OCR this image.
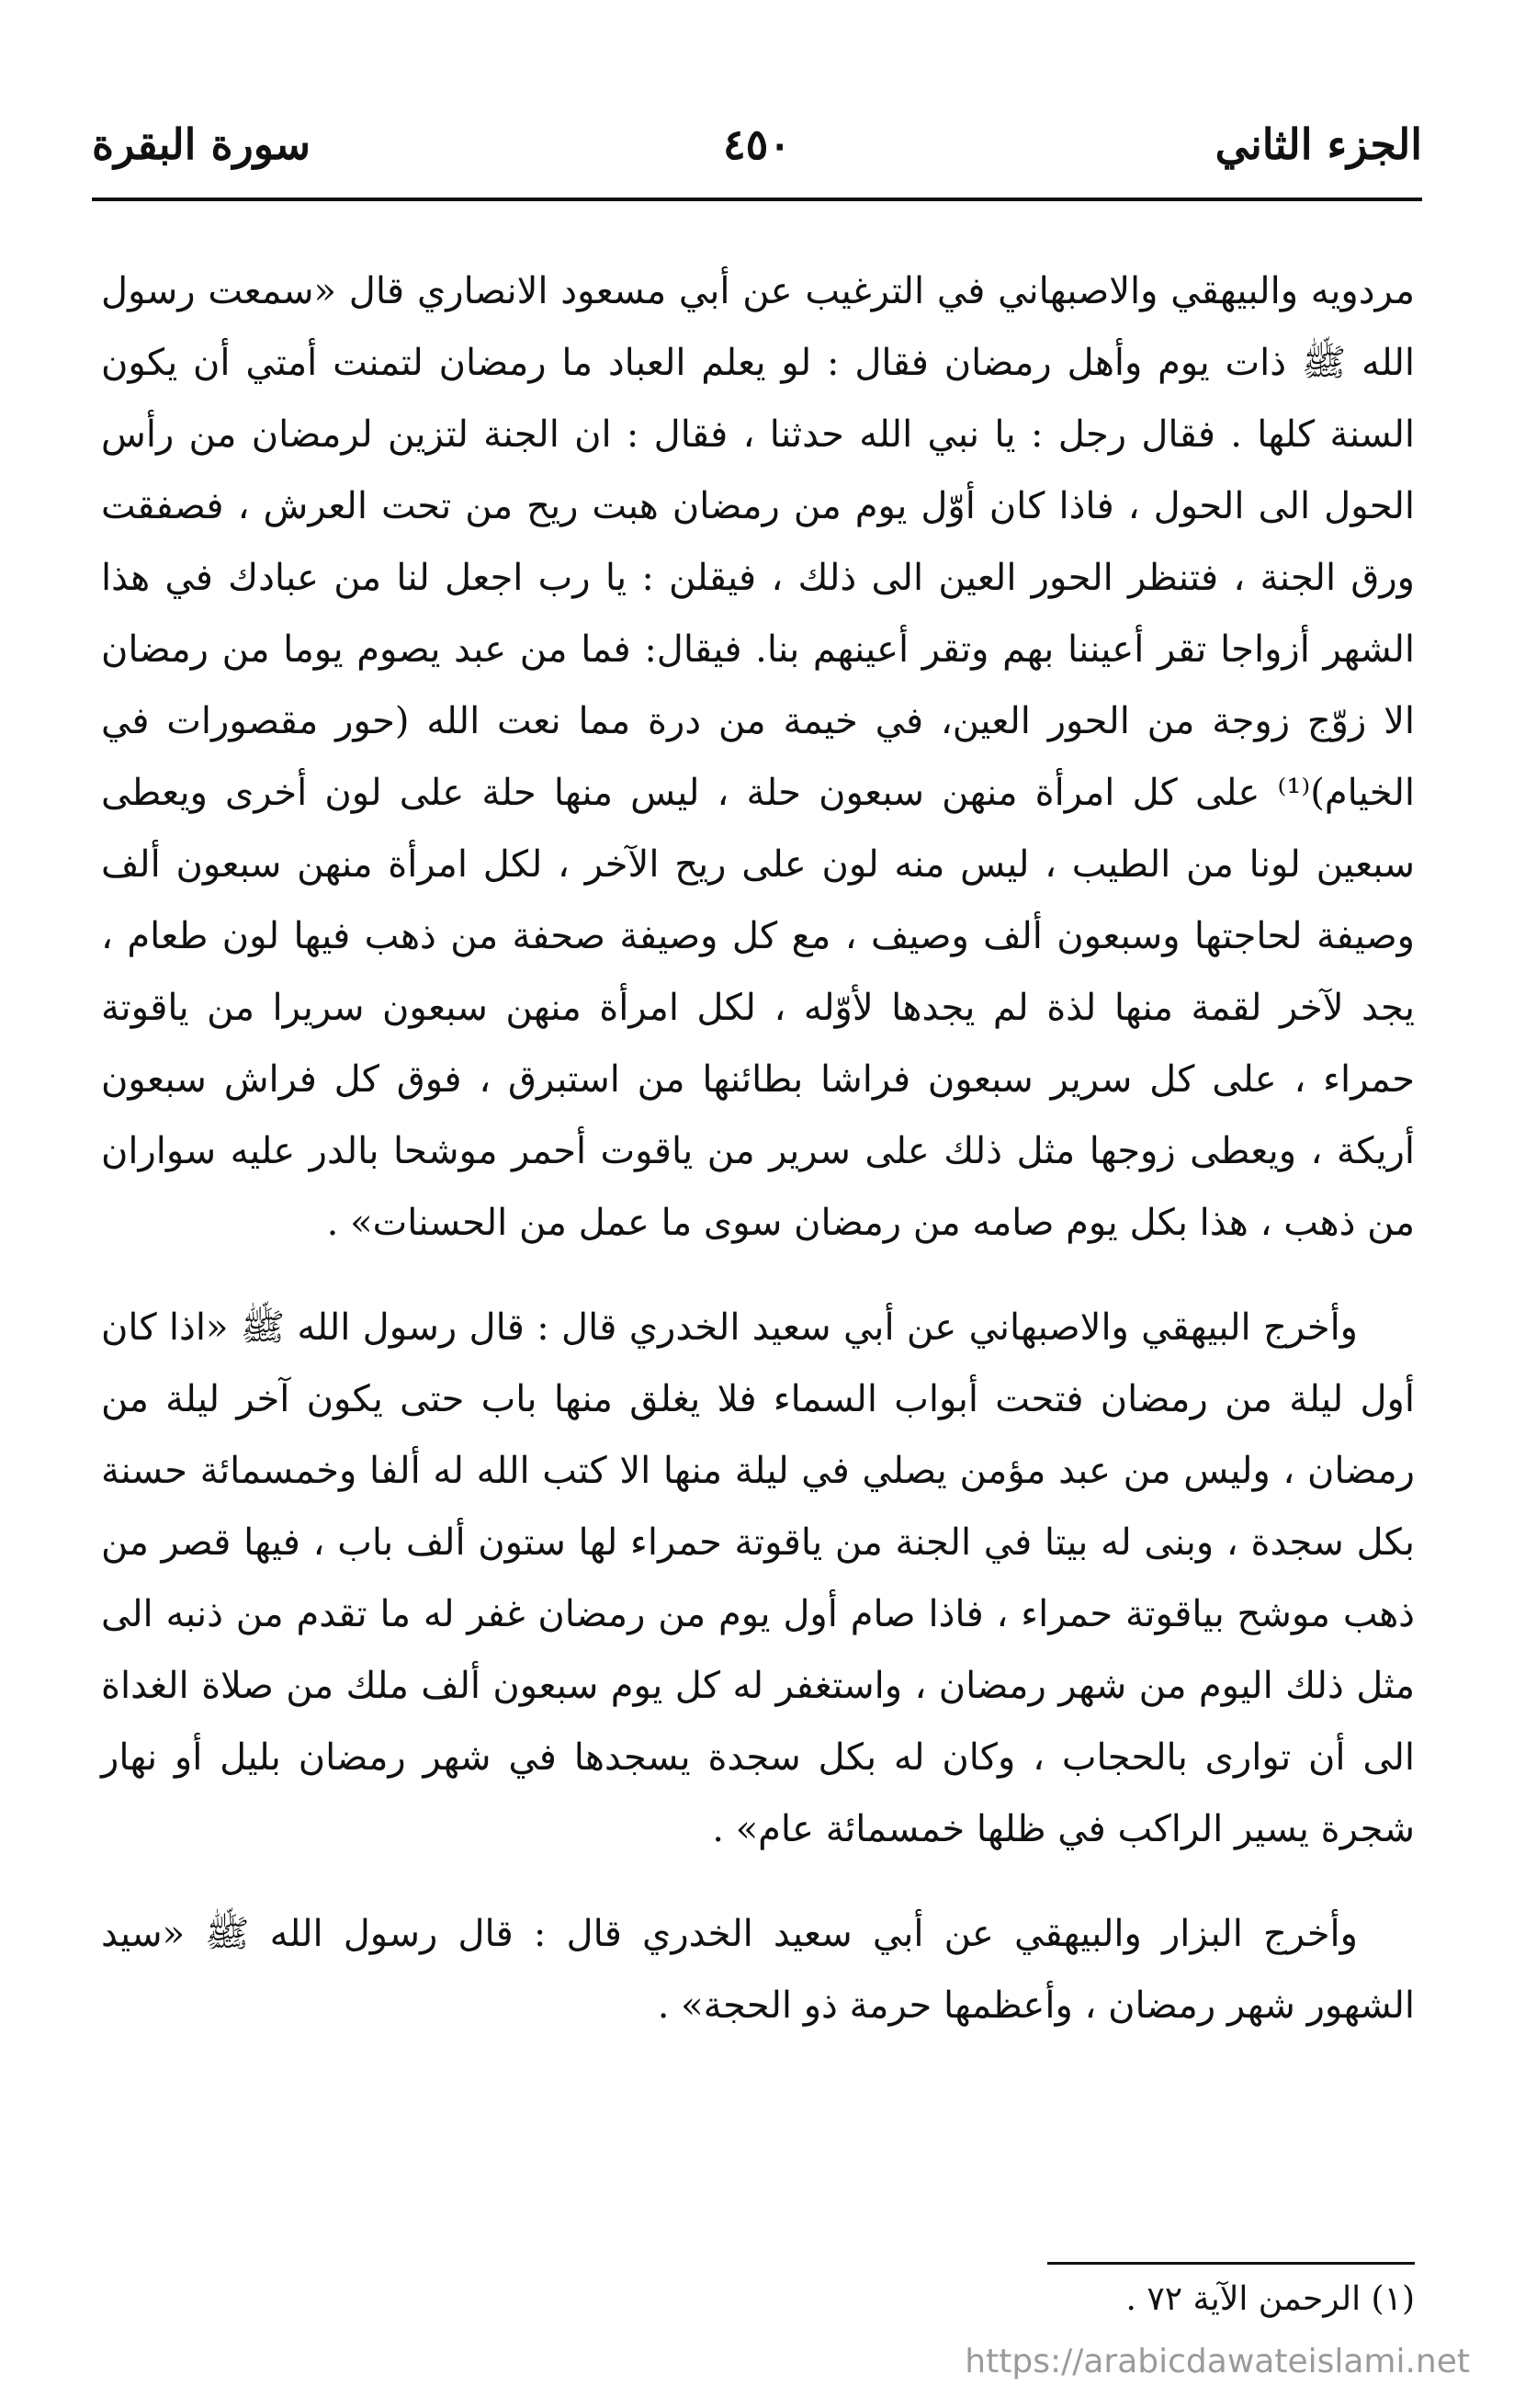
الجزء الثاني
٤٥٠
سورة البقرة

مردويه والبيهقي والاصبهاني في الترغيب عن أبي مسعود الانصاري قال «سمعت رسول الله ﷺ ذات يوم وأهل رمضان فقال : لو يعلم العباد ما رمضان لتمنت أمتي أن يكون السنة كلها . فقال رجل : يا نبي الله حدثنا ، فقال : ان الجنة لتزين لرمضان من رأس الحول الى الحول ، فاذا كان أوّل يوم من رمضان هبت ريح من تحت العرش ، فصفقت ورق الجنة ، فتنظر الحور العين الى ذلك ، فيقلن : يا رب اجعل لنا من عبادك في هذا الشهر أزواجا تقر أعيننا بهم وتقر أعينهم بنا. فيقال: فما من عبد يصوم يوما من رمضان الا زوّج زوجة من الحور العين، في خيمة من درة مما نعت الله (حور مقصورات في الخيام)⁽¹⁾ على كل امرأة منهن سبعون حلة ، ليس منها حلة على لون أخرى ويعطى سبعين لونا من الطيب ، ليس منه لون على ريح الآخر ، لكل امرأة منهن سبعون ألف وصيفة لحاجتها وسبعون ألف وصيف ، مع كل وصيفة صحفة من ذهب فيها لون طعام ، يجد لآخر لقمة منها لذة لم يجدها لأوّله ، لكل امرأة منهن سبعون سريرا من ياقوتة حمراء ، على كل سرير سبعون فراشا بطائنها من استبرق ، فوق كل فراش سبعون أريكة ، ويعطى زوجها مثل ذلك على سرير من ياقوت أحمر موشحا بالدر عليه سواران من ذهب ، هذا بكل يوم صامه من رمضان سوى ما عمل من الحسنات» .

وأخرج البيهقي والاصبهاني عن أبي سعيد الخدري قال : قال رسول الله ﷺ «اذا كان أول ليلة من رمضان فتحت أبواب السماء فلا يغلق منها باب حتى يكون آخر ليلة من رمضان ، وليس من عبد مؤمن يصلي في ليلة منها الا كتب الله له ألفا وخمسمائة حسنة بكل سجدة ، وبنى له بيتا في الجنة من ياقوتة حمراء لها ستون ألف باب ، فيها قصر من ذهب موشح بياقوتة حمراء ، فاذا صام أول يوم من رمضان غفر له ما تقدم من ذنبه الى مثل ذلك اليوم من شهر رمضان ، واستغفر له كل يوم سبعون ألف ملك من صلاة الغداة الى أن توارى بالحجاب ، وكان له بكل سجدة يسجدها في شهر رمضان بليل أو نهار شجرة يسير الراكب في ظلها خمسمائة عام» .

وأخرج البزار والبيهقي عن أبي سعيد الخدري قال : قال رسول الله ﷺ «سيد الشهور شهر رمضان ، وأعظمها حرمة ذو الحجة» .

(١) الرحمن الآية ٧٢ .
https://arabicdawateislami.net
